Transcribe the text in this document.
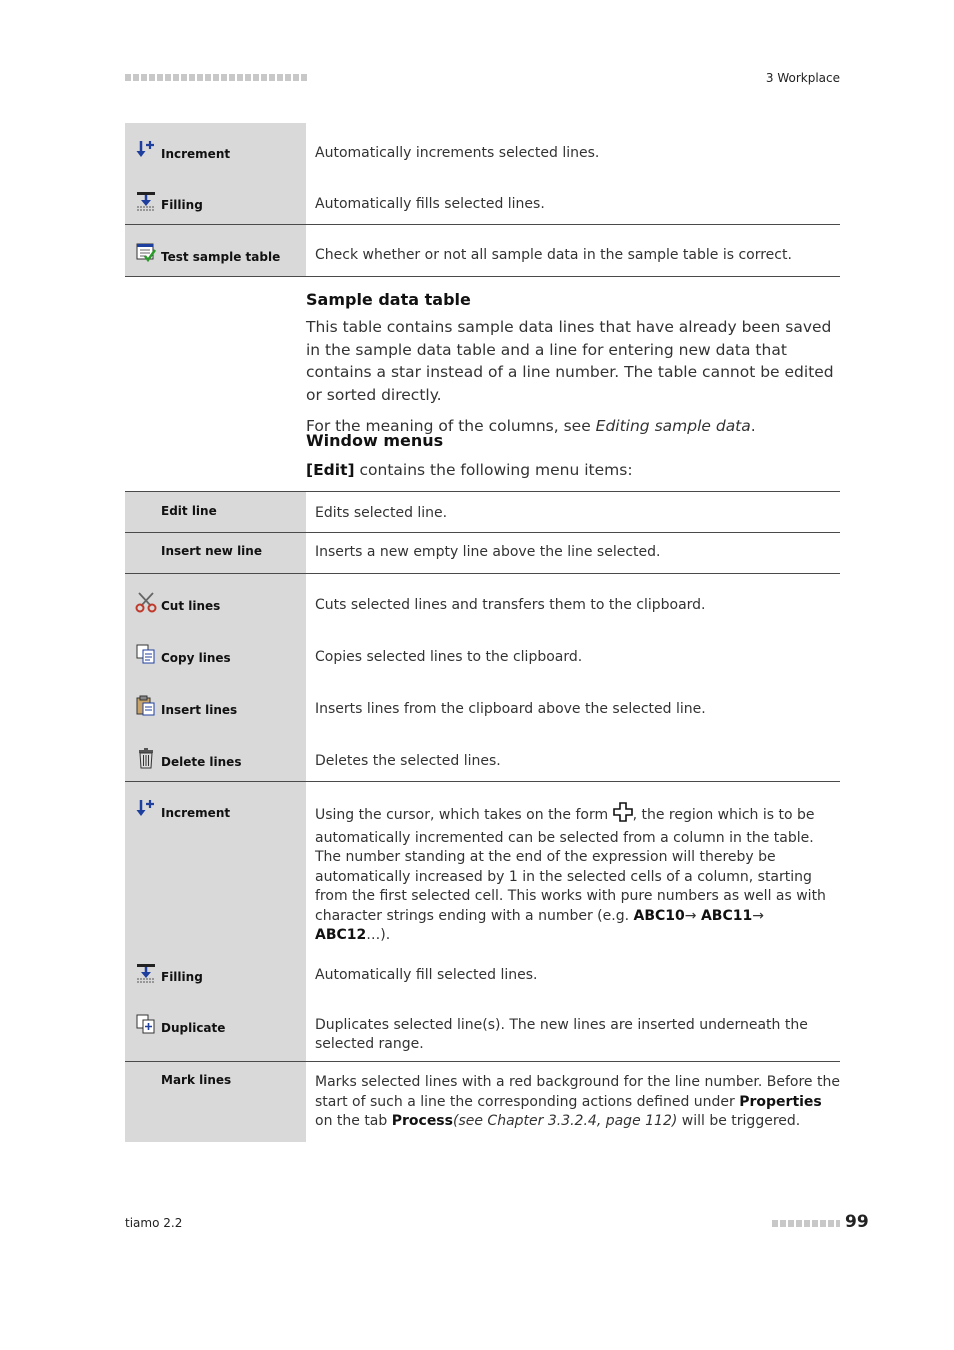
3 Workplace
Increment	Automatically increments selected lines.

Filling	Automatically fills selected lines.

Test sample table	Check whether or not all sample data in the sample table is correct.
Sample data table

This table contains sample data lines that have already been saved in the sample data table and a line for entering new data that contains a star instead of a line number. The table cannot be edited or sorted directly.

For the meaning of the columns, see Editing sample data.

Window menus

[Edit] contains the following menu items:

Edit line	Edits selected line.

Insert new line	Inserts a new empty line above the line selected.

Cut lines	Cuts selected lines and transfers them to the clipboard.

Copy lines	Copies selected lines to the clipboard.

Insert lines	Inserts lines from the clipboard above the selected line.

Delete lines	Deletes the selected lines.

Increment	Using the cursor, which takes on the form , the region which is to be automatically incremented can be selected from a column in the table. The number standing at the end of the expression will thereby be automatically increased by 1 in the selected cells of a column, starting from the first selected cell. This works with pure numbers as well as with character strings ending with a number (e.g. ABC10→ ABC11→ ABC12…).

Filling	Automatically fill selected lines.

Duplicate	Duplicates selected line(s). The new lines are inserted underneath the selected range.

Mark lines	Marks selected lines with a red background for the line number. Before the start of such a line the corresponding actions defined under Properties on the tab Process(see Chapter 3.3.2.4, page 112) will be triggered.
tiamo 2.2	99
